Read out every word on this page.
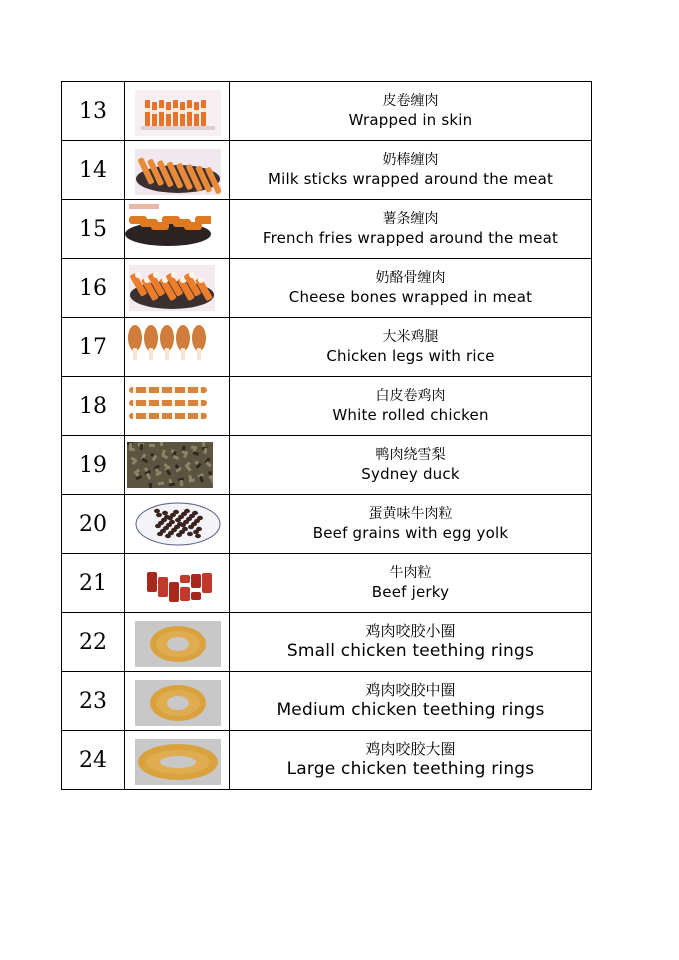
13		皮卷缠肉
Wrapped in skin

14		奶棒缠肉
Milk sticks wrapped around the meat

15		薯条缠肉
French fries wrapped around the meat

16		奶酪骨缠肉
Cheese bones wrapped in meat

17		大米鸡腿
Chicken legs with rice

18		白皮卷鸡肉
White rolled chicken

19		鸭肉绕雪梨
Sydney duck

20		蛋黄味牛肉粒
Beef grains with egg yolk

21		牛肉粒
Beef jerky

22		鸡肉咬胶小圈
Small chicken teething rings

23		鸡肉咬胶中圈
Medium chicken teething rings

24		鸡肉咬胶大圈
Large chicken teething rings
